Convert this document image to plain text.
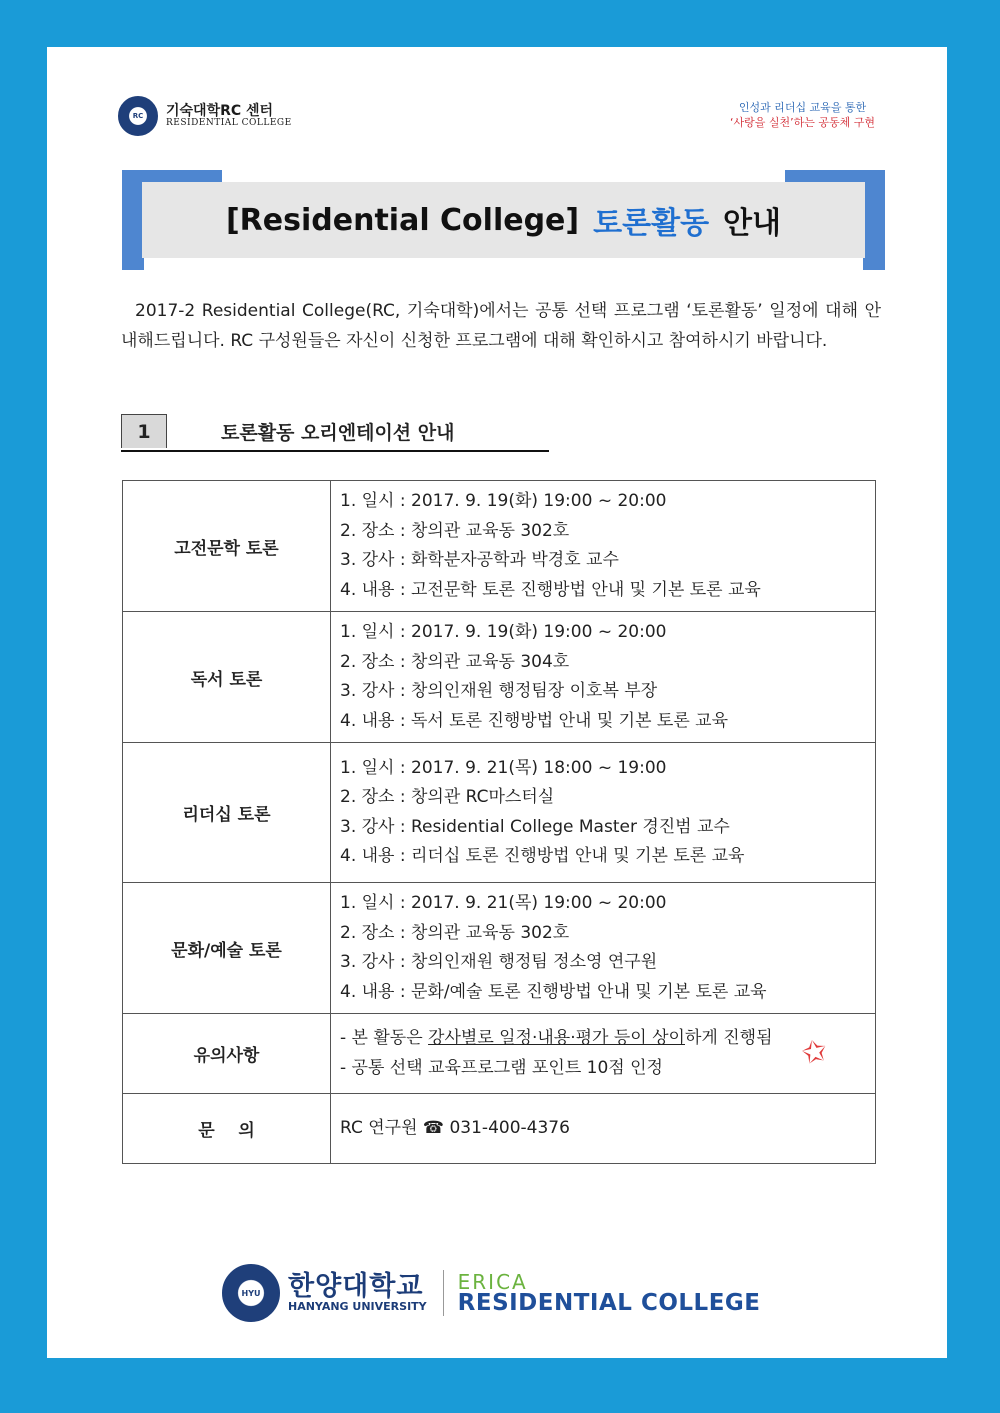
RC 기숙대학RC 센터
RESIDENTIAL COLLEGE
인성과 리더십 교육을 통한
‘사랑을 실천’하는 공동체 구현
[Residential College] 토론활동 안내
2017-2 Residential College(RC, 기숙대학)에서는 공통 선택 프로그램 ‘토론활동’ 일정에 대해 안내해드립니다. RC 구성원들은 자신이 신청한 프로그램에 대해 확인하시고 참여하시기 바랍니다.
1	토론활동 오리엔테이션 안내
고전문학 토론	1. 일시 : 2017. 9. 19(화) 19:00 ~ 20:00
2. 장소 : 창의관 교육동 302호
3. 강사 : 화학분자공학과 박경호 교수
4. 내용 : 고전문학 토론 진행방법 안내 및 기본 토론 교육

독서 토론	1. 일시 : 2017. 9. 19(화) 19:00 ~ 20:00
2. 장소 : 창의관 교육동 304호
3. 강사 : 창의인재원 행정팀장 이호복 부장
4. 내용 : 독서 토론 진행방법 안내 및 기본 토론 교육

리더십 토론	1. 일시 : 2017. 9. 21(목) 18:00 ~ 19:00
2. 장소 : 창의관 RC마스터실
3. 강사 : Residential College Master 경진범 교수
4. 내용 : 리더십 토론 진행방법 안내 및 기본 토론 교육

문화/예술 토론	1. 일시 : 2017. 9. 21(목) 19:00 ~ 20:00
2. 장소 : 창의관 교육동 302호
3. 강사 : 창의인재원 행정팀 정소영 연구원
4. 내용 : 문화/예술 토론 진행방법 안내 및 기본 토론 교육

유의사항	- 본 활동은 강사별로 일정·내용·평가 등이 상이하게 진행됨
- 공통 선택 교육프로그램 포인트 10점 인정

문    의	RC 연구원 ☎ 031-400-4376
✩
HYU 한양대학교
HANYANG UNIVERSITY
ERICA
RESIDENTIAL COLLEGE
